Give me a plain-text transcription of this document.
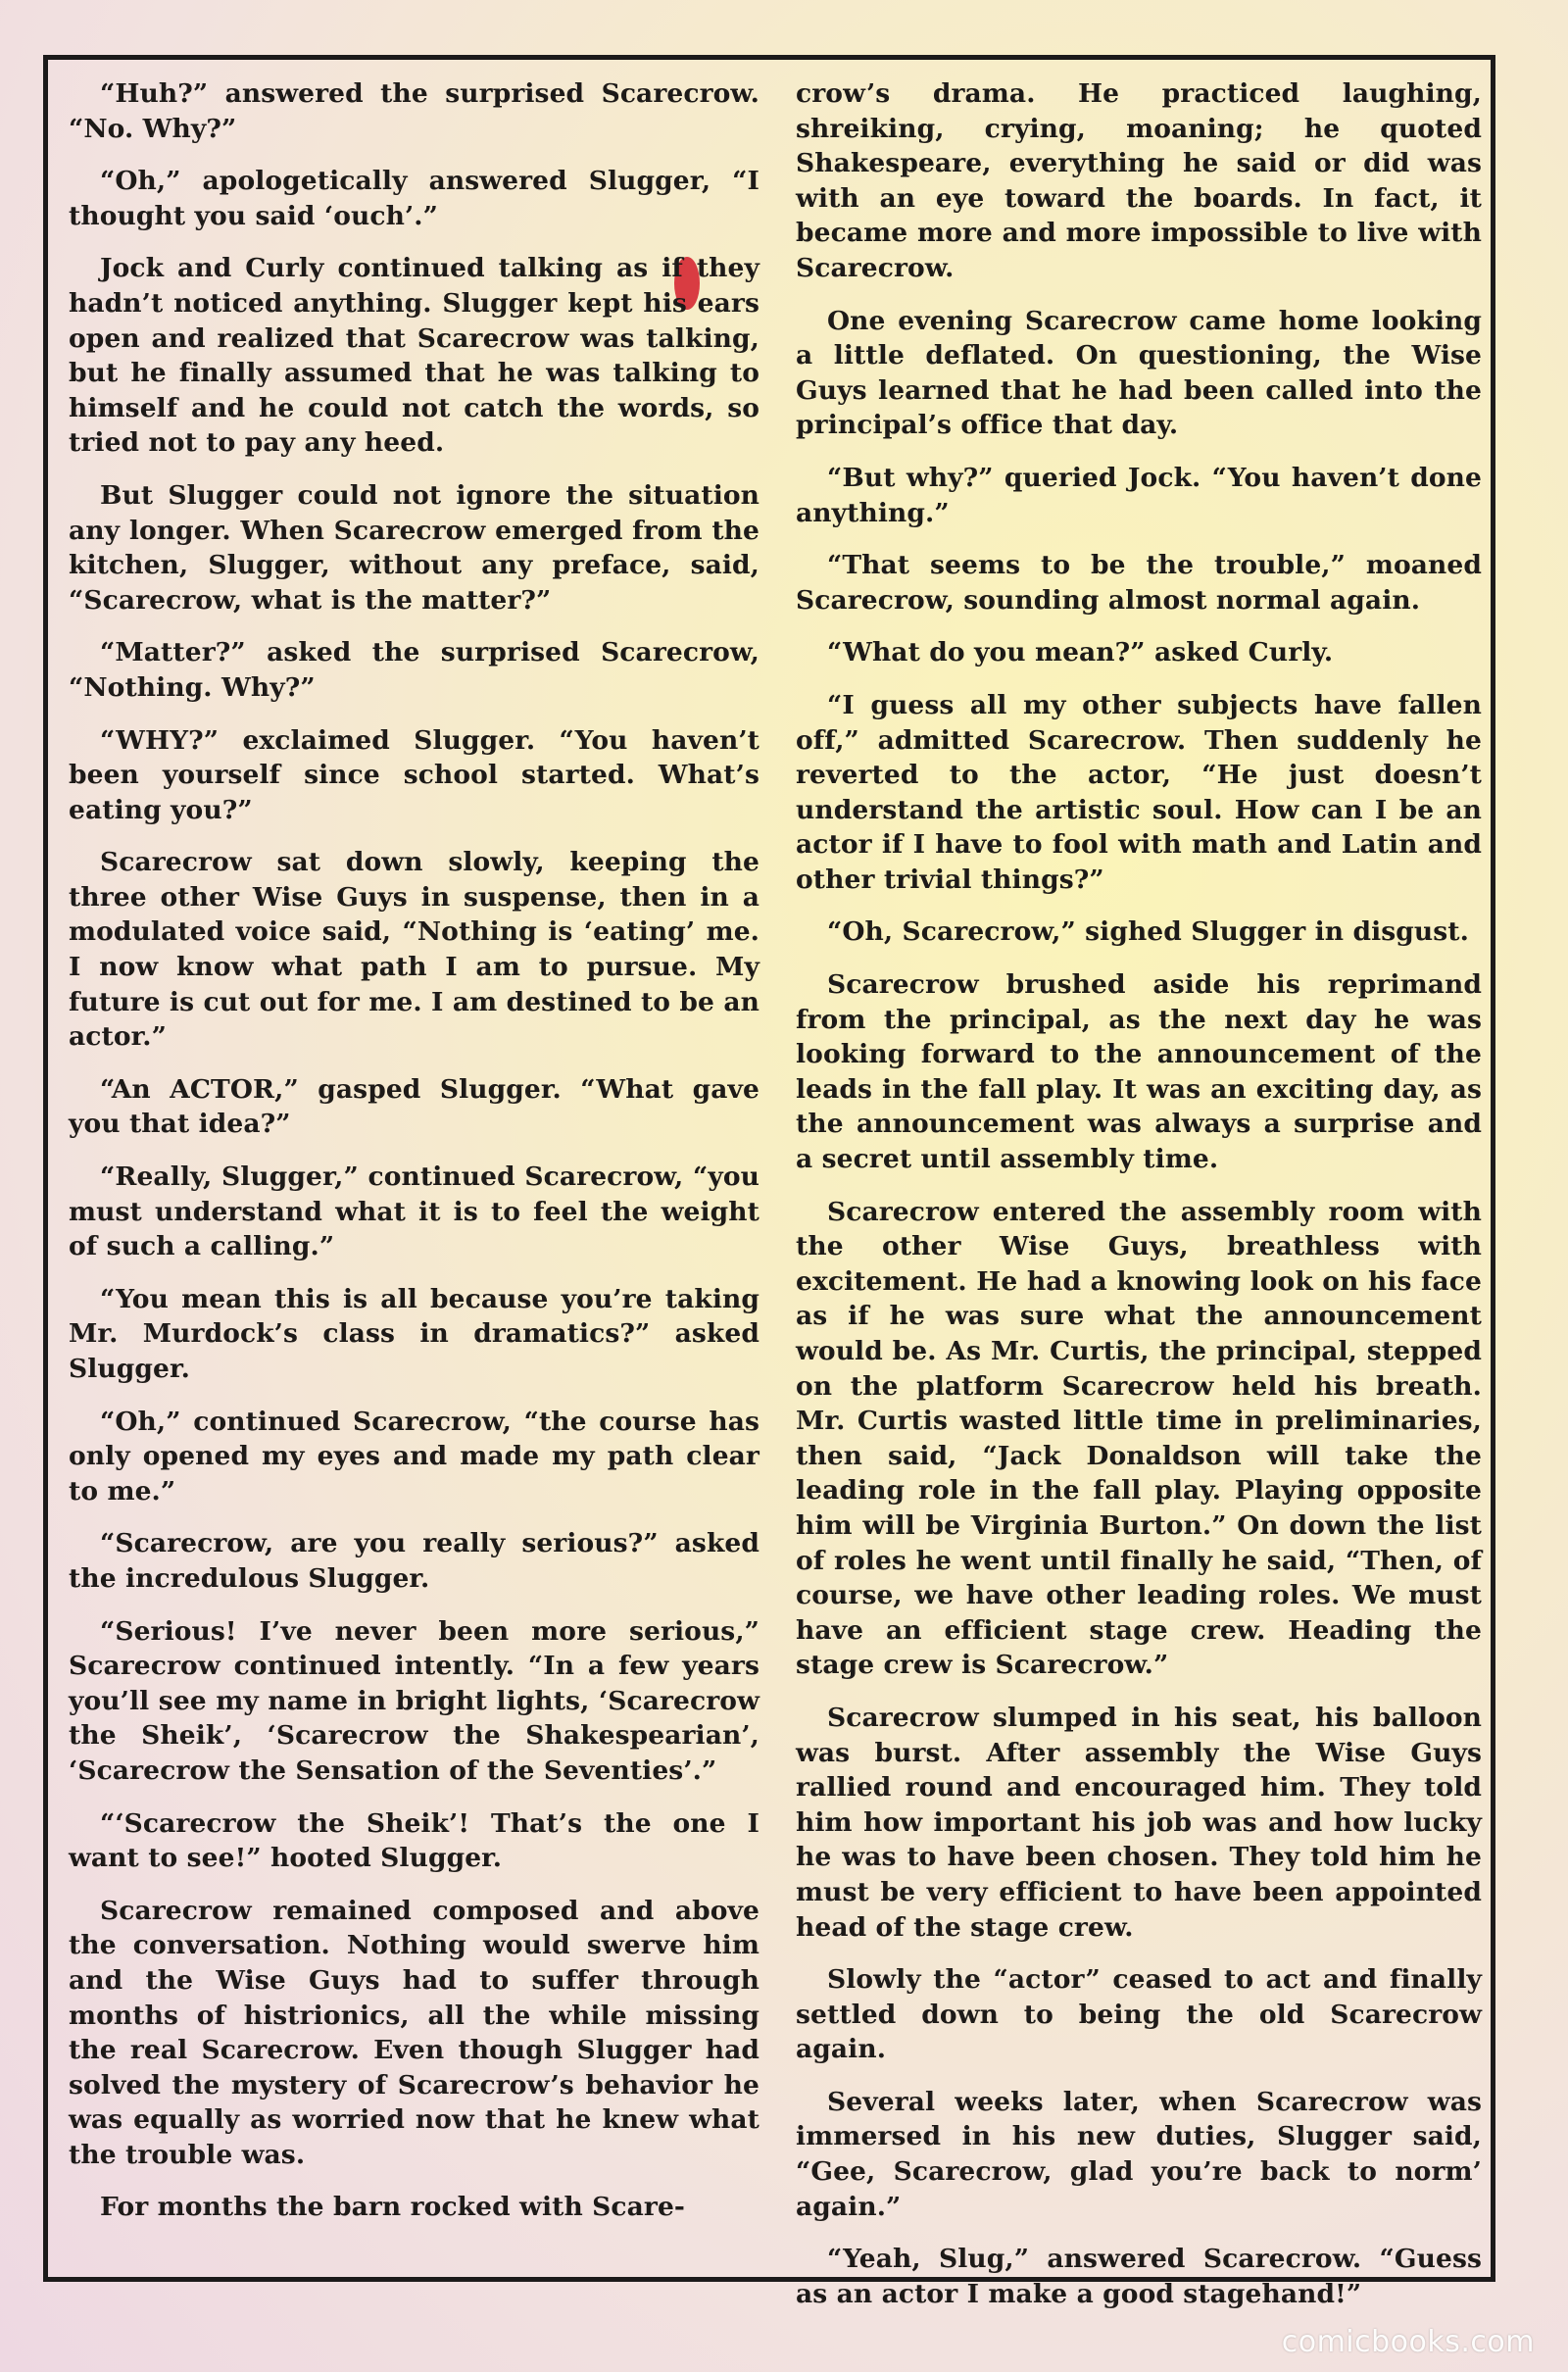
“Huh?” answered the surprised Scarecrow. “No. Why?”

“Oh,” apologetically answered Slugger, “I thought you said ‘ouch’.”

Jock and Curly continued talking as if they hadn’t noticed anything. Slugger kept his ears open and realized that Scarecrow was talking, but he finally assumed that he was talking to himself and he could not catch the words, so tried not to pay any heed.

But Slugger could not ignore the situation any longer. When Scarecrow emerged from the kitchen, Slugger, without any preface, said, “Scarecrow, what is the matter?”

“Matter?” asked the surprised Scarecrow, “Nothing. Why?”

“WHY?” exclaimed Slugger. “You haven’t been yourself since school started. What’s eating you?”

Scarecrow sat down slowly, keeping the three other Wise Guys in suspense, then in a modulated voice said, “Nothing is ‘eating’ me. I now know what path I am to pursue. My future is cut out for me. I am destined to be an actor.”

“An ACTOR,” gasped Slugger. “What gave you that idea?”

“Really, Slugger,” continued Scarecrow, “you must understand what it is to feel the weight of such a calling.”

“You mean this is all because you’re taking Mr. Murdock’s class in dramatics?” asked Slugger.

“Oh,” continued Scarecrow, “the course has only opened my eyes and made my path clear to me.”

“Scarecrow, are you really serious?” asked the incredulous Slugger.

“Serious! I’ve never been more serious,” Scarecrow continued intently. “In a few years you’ll see my name in bright lights, ‘Scarecrow the Sheik’, ‘Scarecrow the Shakespearian’, ‘Scarecrow the Sensation of the Seventies’.”

“‘Scarecrow the Sheik’! That’s the one I want to see!” hooted Slugger.

Scarecrow remained composed and above the conversation. Nothing would swerve him and the Wise Guys had to suffer through months of histrionics, all the while missing the real Scarecrow. Even though Slugger had solved the mystery of Scarecrow’s behavior he was equally as worried now that he knew what the trouble was.

For months the barn rocked with Scare-

crow’s drama. He practiced laughing, shreiking, crying, moaning; he quoted Shakespeare, everything he said or did was with an eye toward the boards. In fact, it became more and more impossible to live with Scarecrow.

One evening Scarecrow came home looking a little deflated. On questioning, the Wise Guys learned that he had been called into the principal’s office that day.

“But why?” queried Jock. “You haven’t done anything.”

“That seems to be the trouble,” moaned Scarecrow, sounding almost normal again.

“What do you mean?” asked Curly.

“I guess all my other subjects have fallen off,” admitted Scarecrow. Then suddenly he reverted to the actor, “He just doesn’t understand the artistic soul. How can I be an actor if I have to fool with math and Latin and other trivial things?”

“Oh, Scarecrow,” sighed Slugger in disgust.

Scarecrow brushed aside his reprimand from the principal, as the next day he was looking forward to the announcement of the leads in the fall play. It was an exciting day, as the announcement was always a surprise and a secret until assembly time.

Scarecrow entered the assembly room with the other Wise Guys, breathless with excitement. He had a knowing look on his face as if he was sure what the announcement would be. As Mr. Curtis, the principal, stepped on the platform Scarecrow held his breath. Mr. Curtis wasted little time in preliminaries, then said, “Jack Donaldson will take the leading role in the fall play. Playing opposite him will be Virginia Burton.” On down the list of roles he went until finally he said, “Then, of course, we have other leading roles. We must have an efficient stage crew. Heading the stage crew is Scarecrow.”

Scarecrow slumped in his seat, his balloon was burst. After assembly the Wise Guys rallied round and encouraged him. They told him how important his job was and how lucky he was to have been chosen. They told him he must be very efficient to have been appointed head of the stage crew.

Slowly the “actor” ceased to act and finally settled down to being the old Scarecrow again.

Several weeks later, when Scarecrow was immersed in his new duties, Slugger said, “Gee, Scarecrow, glad you’re back to norm’ again.”

“Yeah, Slug,” answered Scarecrow. “Guess as an actor I make a good stagehand!”

comicbooks.com
